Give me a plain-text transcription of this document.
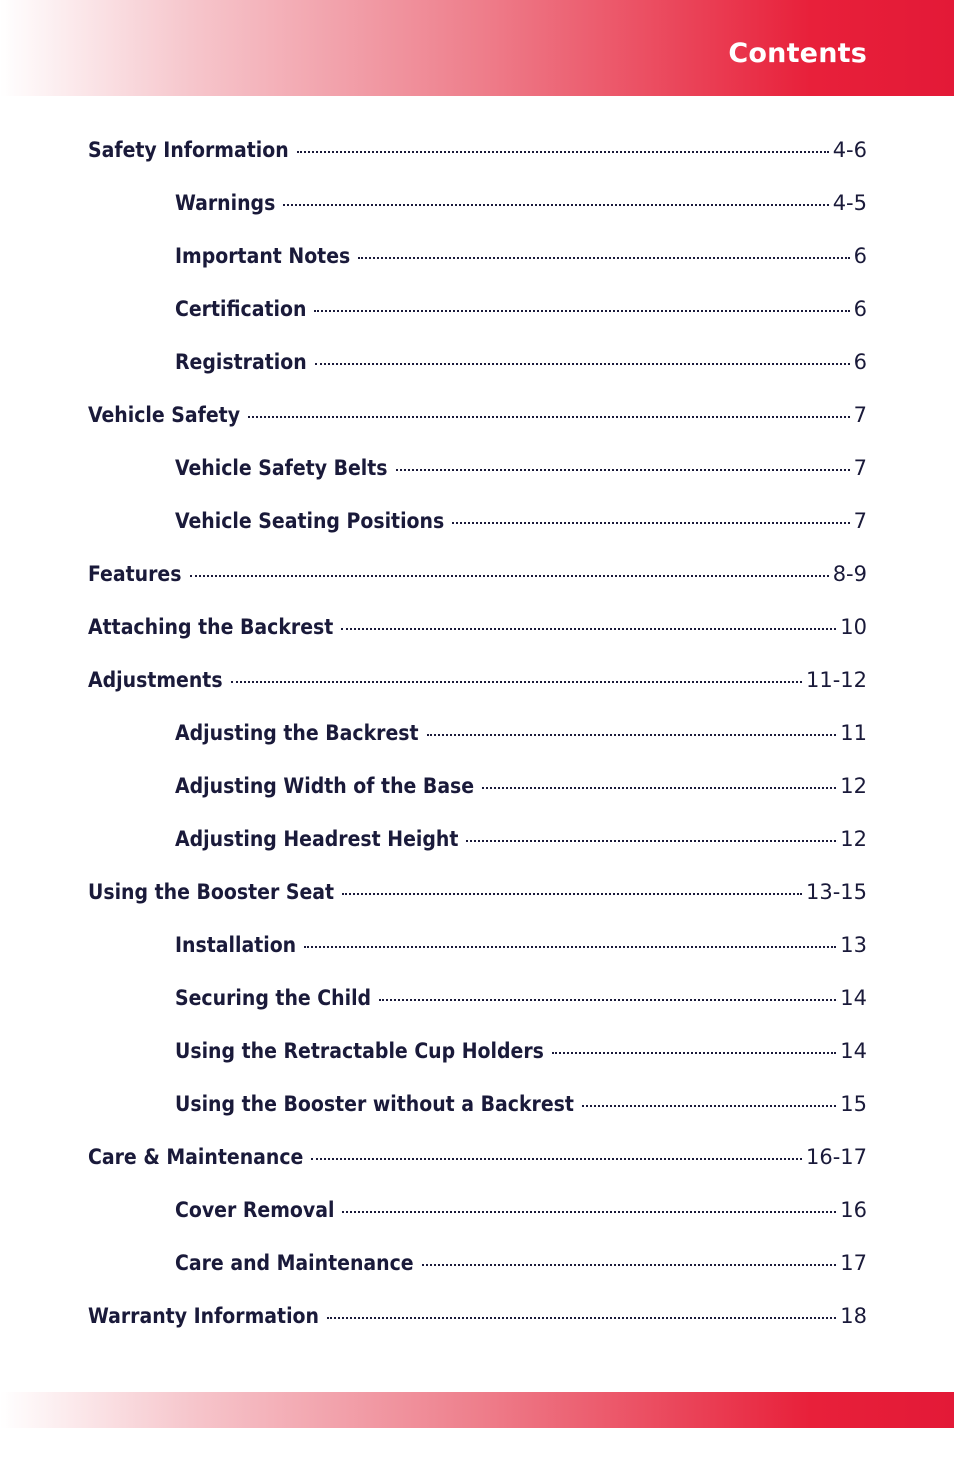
Contents
Safety Information	4-6
Warnings	4-5
Important Notes	6
Certification	6
Registration	6
Vehicle Safety	7
Vehicle Safety Belts	7
Vehicle Seating Positions	7
Features	8-9
Attaching the Backrest	10
Adjustments	11-12
Adjusting the Backrest	11
Adjusting Width of the Base	12
Adjusting Headrest Height	12
Using the Booster Seat	13-15
Installation	13
Securing the Child	14
Using the Retractable Cup Holders	14
Using the Booster without a Backrest	15
Care & Maintenance	16-17
Cover Removal	16
Care and Maintenance	17
Warranty Information	18
